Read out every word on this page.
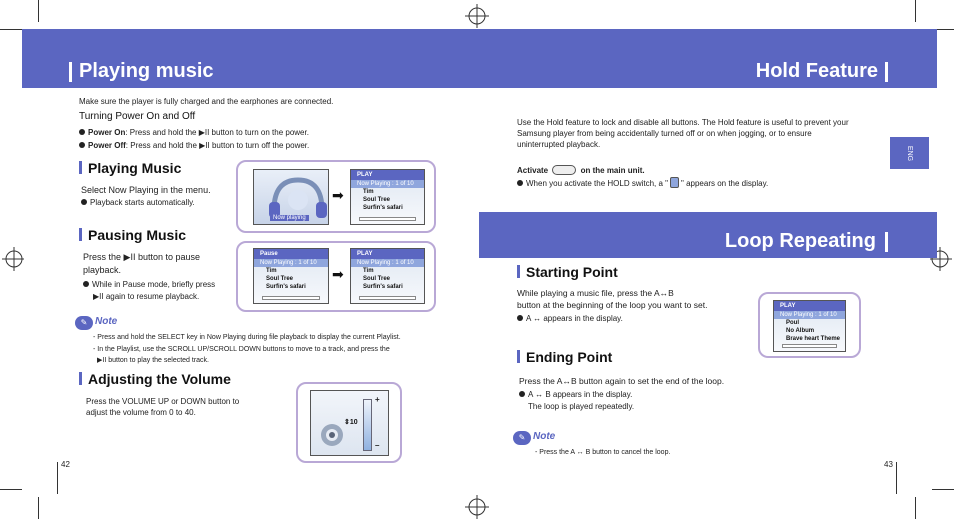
Playing music	Hold Feature
Make sure the player is fully charged and the earphones are connected.
Turning Power On and Off
Power On: Press and hold the ▶II button to turn on the power.
Power Off: Press and hold the ▶II button to turn off the power.
Playing Music
Select Now Playing in the menu.
Playback starts automatically.
Now playing
➡
PLAY
Now Playing : 1 of 10
Tim
Soul Tree
Surfin's safari
Pausing Music
Press the ▶II button to pause
playback.
While in Pause mode, briefly press
▶II again to resume playback.
Pause
Now Playing : 1 of 10
Tim
Soul Tree
Surfin's safari
➡
PLAY
Now Playing : 1 of 10
Tim
Soul Tree
Surfin's safari
✎ Note
- Press and hold the SELECT key in Now Playing during file playback to display the current Playlist.
- In the Playlist, use the SCROLL UP/SCROLL DOWN buttons to move to a track, and press the
▶II button to play the selected track.
Adjusting the Volume
Press the VOLUME UP or DOWN button to
adjust the volume from 0 to 40.
⇕10
+
–
42
Use the Hold feature to lock and disable all buttons. The Hold feature is useful to prevent your
Samsung player from being accidentally turned off or on when jogging, or to ensure
uninterrupted playback.
Activate	on the main unit.
When you activate the HOLD switch, a " " appears on the display.
ENG
Loop Repeating
Starting Point
While playing a music file, press the A↔B
button at the beginning of the loop you want to set.
A ↔ appears in the display.
PLAY
Now Playing : 1 of 10
Poul
No Album
Brave heart Theme
Ending Point
Press the A↔B button again to set the end of the loop.
A ↔ B appears in the display.
The loop is played repeatedly.
✎ Note
- Press the A ↔ B button to cancel the loop.
43
